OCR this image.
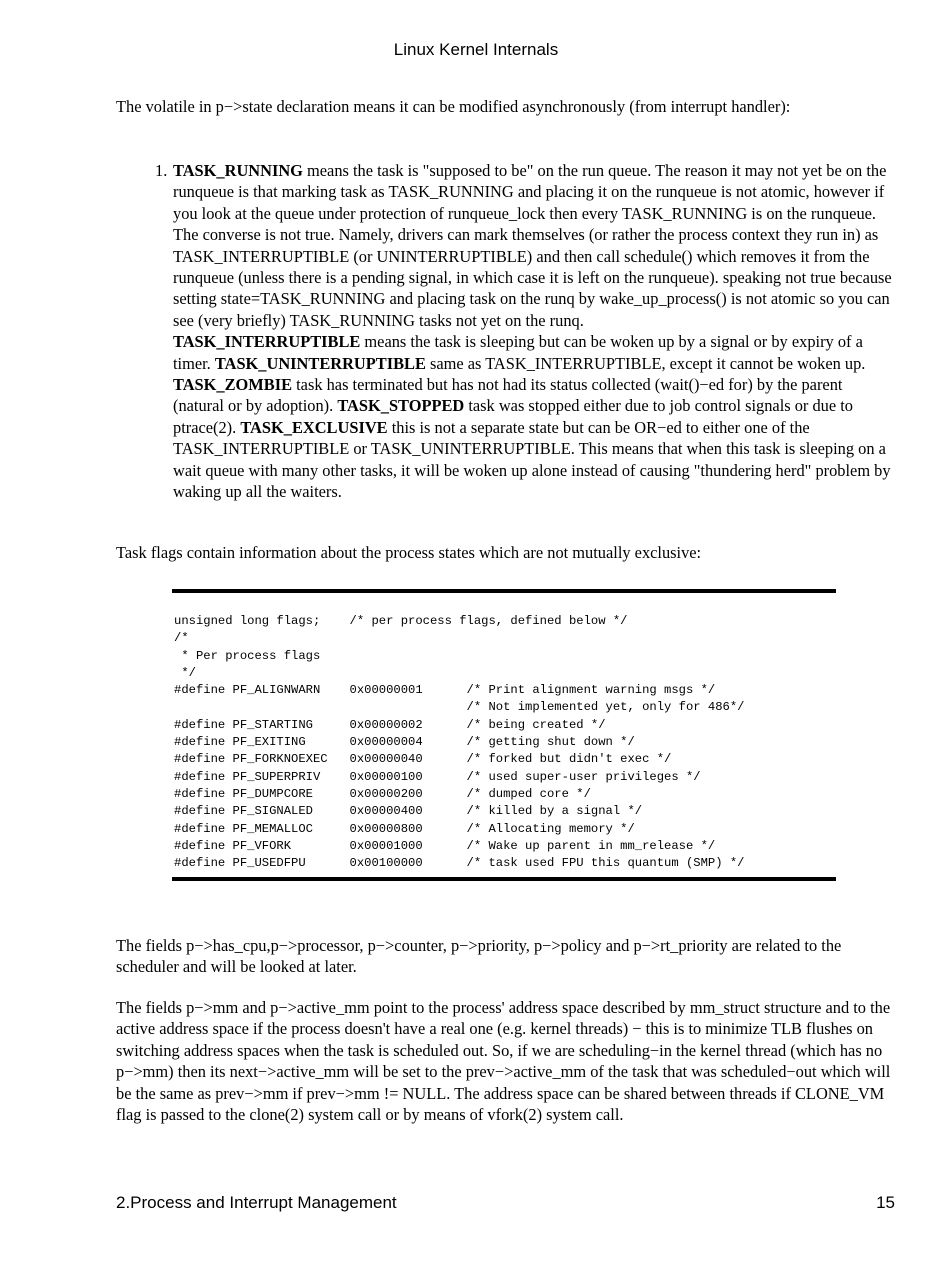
Linux Kernel Internals
The volatile in p−>state declaration means it can be modified asynchronously (from interrupt handler):
1. TASK_RUNNING means the task is "supposed to be" on the run queue. The reason it may not yet be on the runqueue is that marking task as TASK_RUNNING and placing it on the runqueue is not atomic, however if you look at the queue under protection of runqueue_lock then every TASK_RUNNING is on the runqueue. The converse is not true. Namely, drivers can mark themselves (or rather the process context they run in) as TASK_INTERRUPTIBLE (or UNINTERRUPTIBLE) and then call schedule() which removes it from the runqueue (unless there is a pending signal, in which case it is left on the runqueue). speaking not true because setting state=TASK_RUNNING and placing task on the runq by wake_up_process() is not atomic so you can see (very briefly) TASK_RUNNING tasks not yet on the runq.
TASK_INTERRUPTIBLE means the task is sleeping but can be woken up by a signal or by expiry of a timer. TASK_UNINTERRUPTIBLE same as TASK_INTERRUPTIBLE, except it cannot be woken up. TASK_ZOMBIE task has terminated but has not had its status collected (wait()−ed for) by the parent (natural or by adoption). TASK_STOPPED task was stopped either due to job control signals or due to ptrace(2). TASK_EXCLUSIVE this is not a separate state but can be OR−ed to either one of the TASK_INTERRUPTIBLE or TASK_UNINTERRUPTIBLE. This means that when this task is sleeping on a wait queue with many other tasks, it will be woken up alone instead of causing "thundering herd" problem by waking up all the waiters.
Task flags contain information about the process states which are not mutually exclusive:
unsigned long flags;    /* per process flags, defined below */
/*
* Per process flags
*/
#define PF_ALIGNWARN    0x00000001      /* Print alignment warning msgs */
/* Not implemented yet, only for 486*/
#define PF_STARTING     0x00000002      /* being created */
#define PF_EXITING      0x00000004      /* getting shut down */
#define PF_FORKNOEXEC   0x00000040      /* forked but didn't exec */
#define PF_SUPERPRIV    0x00000100      /* used super-user privileges */
#define PF_DUMPCORE     0x00000200      /* dumped core */
#define PF_SIGNALED     0x00000400      /* killed by a signal */
#define PF_MEMALLOC     0x00000800      /* Allocating memory */
#define PF_VFORK        0x00001000      /* Wake up parent in mm_release */
#define PF_USEDFPU      0x00100000      /* task used FPU this quantum (SMP) */
The fields p−>has_cpu,p−>processor, p−>counter, p−>priority, p−>policy and p−>rt_priority are related to the scheduler and will be looked at later.
The fields p−>mm and p−>active_mm point to the process' address space described by mm_struct structure and to the active address space if the process doesn't have a real one (e.g. kernel threads) − this is to minimize TLB flushes on switching address spaces when the task is scheduled out. So, if we are scheduling−in the kernel thread (which has no p−>mm) then its next−>active_mm will be set to the prev−>active_mm of the task that was scheduled−out which will be the same as prev−>mm if prev−>mm != NULL. The address space can be shared between threads if CLONE_VM flag is passed to the clone(2) system call or by means of vfork(2) system call.
2.Process and Interrupt Management	15
